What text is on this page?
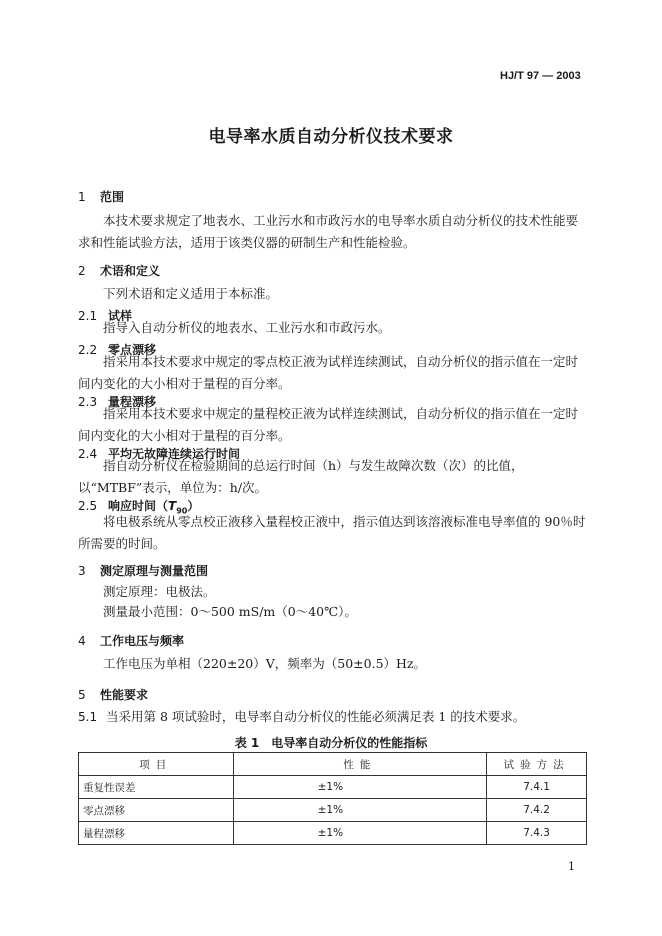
HJ/T 97 — 2003
电导率水质自动分析仪技术要求
1 范围
本技术要求规定了地表水、工业污水和市政污水的电导率水质自动分析仪的技术性能要求和性能试验方法，适用于该类仪器的研制生产和性能检验。
2 术语和定义
下列术语和定义适用于本标准。
2.1 试样
指导入自动分析仪的地表水、工业污水和市政污水。
2.2 零点漂移
指采用本技术要求中规定的零点校正液为试样连续测试，自动分析仪的指示值在一定时间内变化的大小相对于量程的百分率。
2.3 量程漂移
指采用本技术要求中规定的量程校正液为试样连续测试，自动分析仪的指示值在一定时间内变化的大小相对于量程的百分率。
2.4 平均无故障连续运行时间
指自动分析仪在检验期间的总运行时间（h）与发生故障次数（次）的比值，以“MTBF”表示，单位为：h/次。
2.5 响应时间$(T_{90})$
将电极系统从零点校正液移入量程校正液中，指示值达到该溶液标准电导率值的 90％时所需要的时间。
3 测定原理与测量范围
测定原理：电极法。
测量最小范围：0～500 mS/m（0～40℃）。
4 工作电压与频率
工作电压为单相（220±20）V，频率为（50±0.5）Hz。
5 性能要求
5.1 当采用第 8 项试验时，电导率自动分析仪的性能必须满足表 1 的技术要求。
表 1　电导率自动分析仪的性能指标
项目	性能	试验方法
重复性误差	±1%	7.4.1
零点漂移	±1%	7.4.2
量程漂移	±1%	7.4.3
1
